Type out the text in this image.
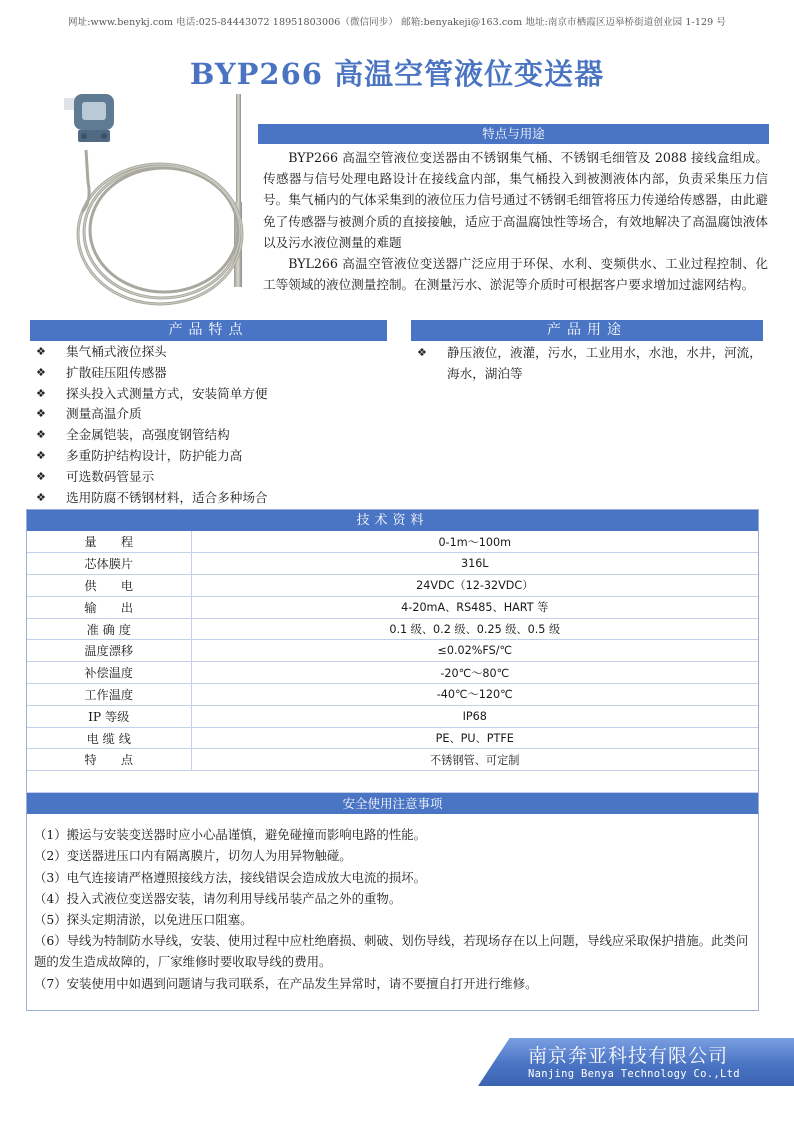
网址:www.benykj.com 电话:025-84443072 18951803006（微信同步） 邮箱:benyakeji@163.com 地址:南京市栖霞区迈皋桥街道创业园 1-129 号
BYP266 高温空管液位变送器
特点与用途

BYP266 高温空管液位变送器由不锈钢集气桶、不锈钢毛细管及 2088 接线盒组成。传感器与信号处理电路设计在接线盒内部，集气桶投入到被测液体内部，负责采集压力信号。集气桶内的气体采集到的液位压力信号通过不锈钢毛细管将压力传递给传感器，由此避免了传感器与被测介质的直接接触，适应于高温腐蚀性等场合，有效地解决了高温腐蚀液体以及污水液位测量的难题

BYL266 高温空管液位变送器广泛应用于环保、水利、变频供水、工业过程控制、化工等领域的液位测量控制。在测量污水、淤泥等介质时可根据客户要求增加过滤网结构。

产品特点
❖	集气桶式液位探头
❖	扩散硅压阻传感器
❖	探头投入式测量方式，安装简单方便
❖	测量高温介质
❖	全金属铠装，高强度钢管结构
❖	多重防护结构设计，防护能力高
❖	可选数码管显示
❖	选用防腐不锈钢材料，适合多种场合
产品用途
❖	静压液位，液灌，污水，工业用水，水池，水井，河流，海水，湖泊等
技术资料
量　　程	0-1m～100m
芯体膜片	316L
供　　电	24VDC（12-32VDC）
输　　出	4-20mA、RS485、HART 等
准 确 度	0.1 级、0.2 级、0.25 级、0.5 级
温度漂移	≤0.02%FS/℃
补偿温度	-20℃～80℃
工作温度	-40℃～120℃
IP 等级	IP68
电 缆 线	PE、PU、PTFE
特　　点	不锈钢管、可定制
安全使用注意事项

（1）搬运与安装变送器时应小心晶谨慎，避免碰撞而影响电路的性能。

（2）变送器进压口内有隔离膜片，切勿人为用异物触碰。

（3）电气连接请严格遵照接线方法，接线错误会造成放大电流的损坏。

（4）投入式液位变送器安装，请勿利用导线吊装产品之外的重物。

（5）探头定期清淤，以免进压口阻塞。

（6）导线为特制防水导线，安装、使用过程中应杜绝磨损、刺破、划伤导线，若现场存在以上问题，导线应采取保护措施。此类问题的发生造成故障的，厂家维修时要收取导线的费用。

（7）安装使用中如遇到问题请与我司联系，在产品发生异常时，请不要擅自打开进行维修。

南京奔亚科技有限公司
Nanjing Benya Technology Co.,Ltd
